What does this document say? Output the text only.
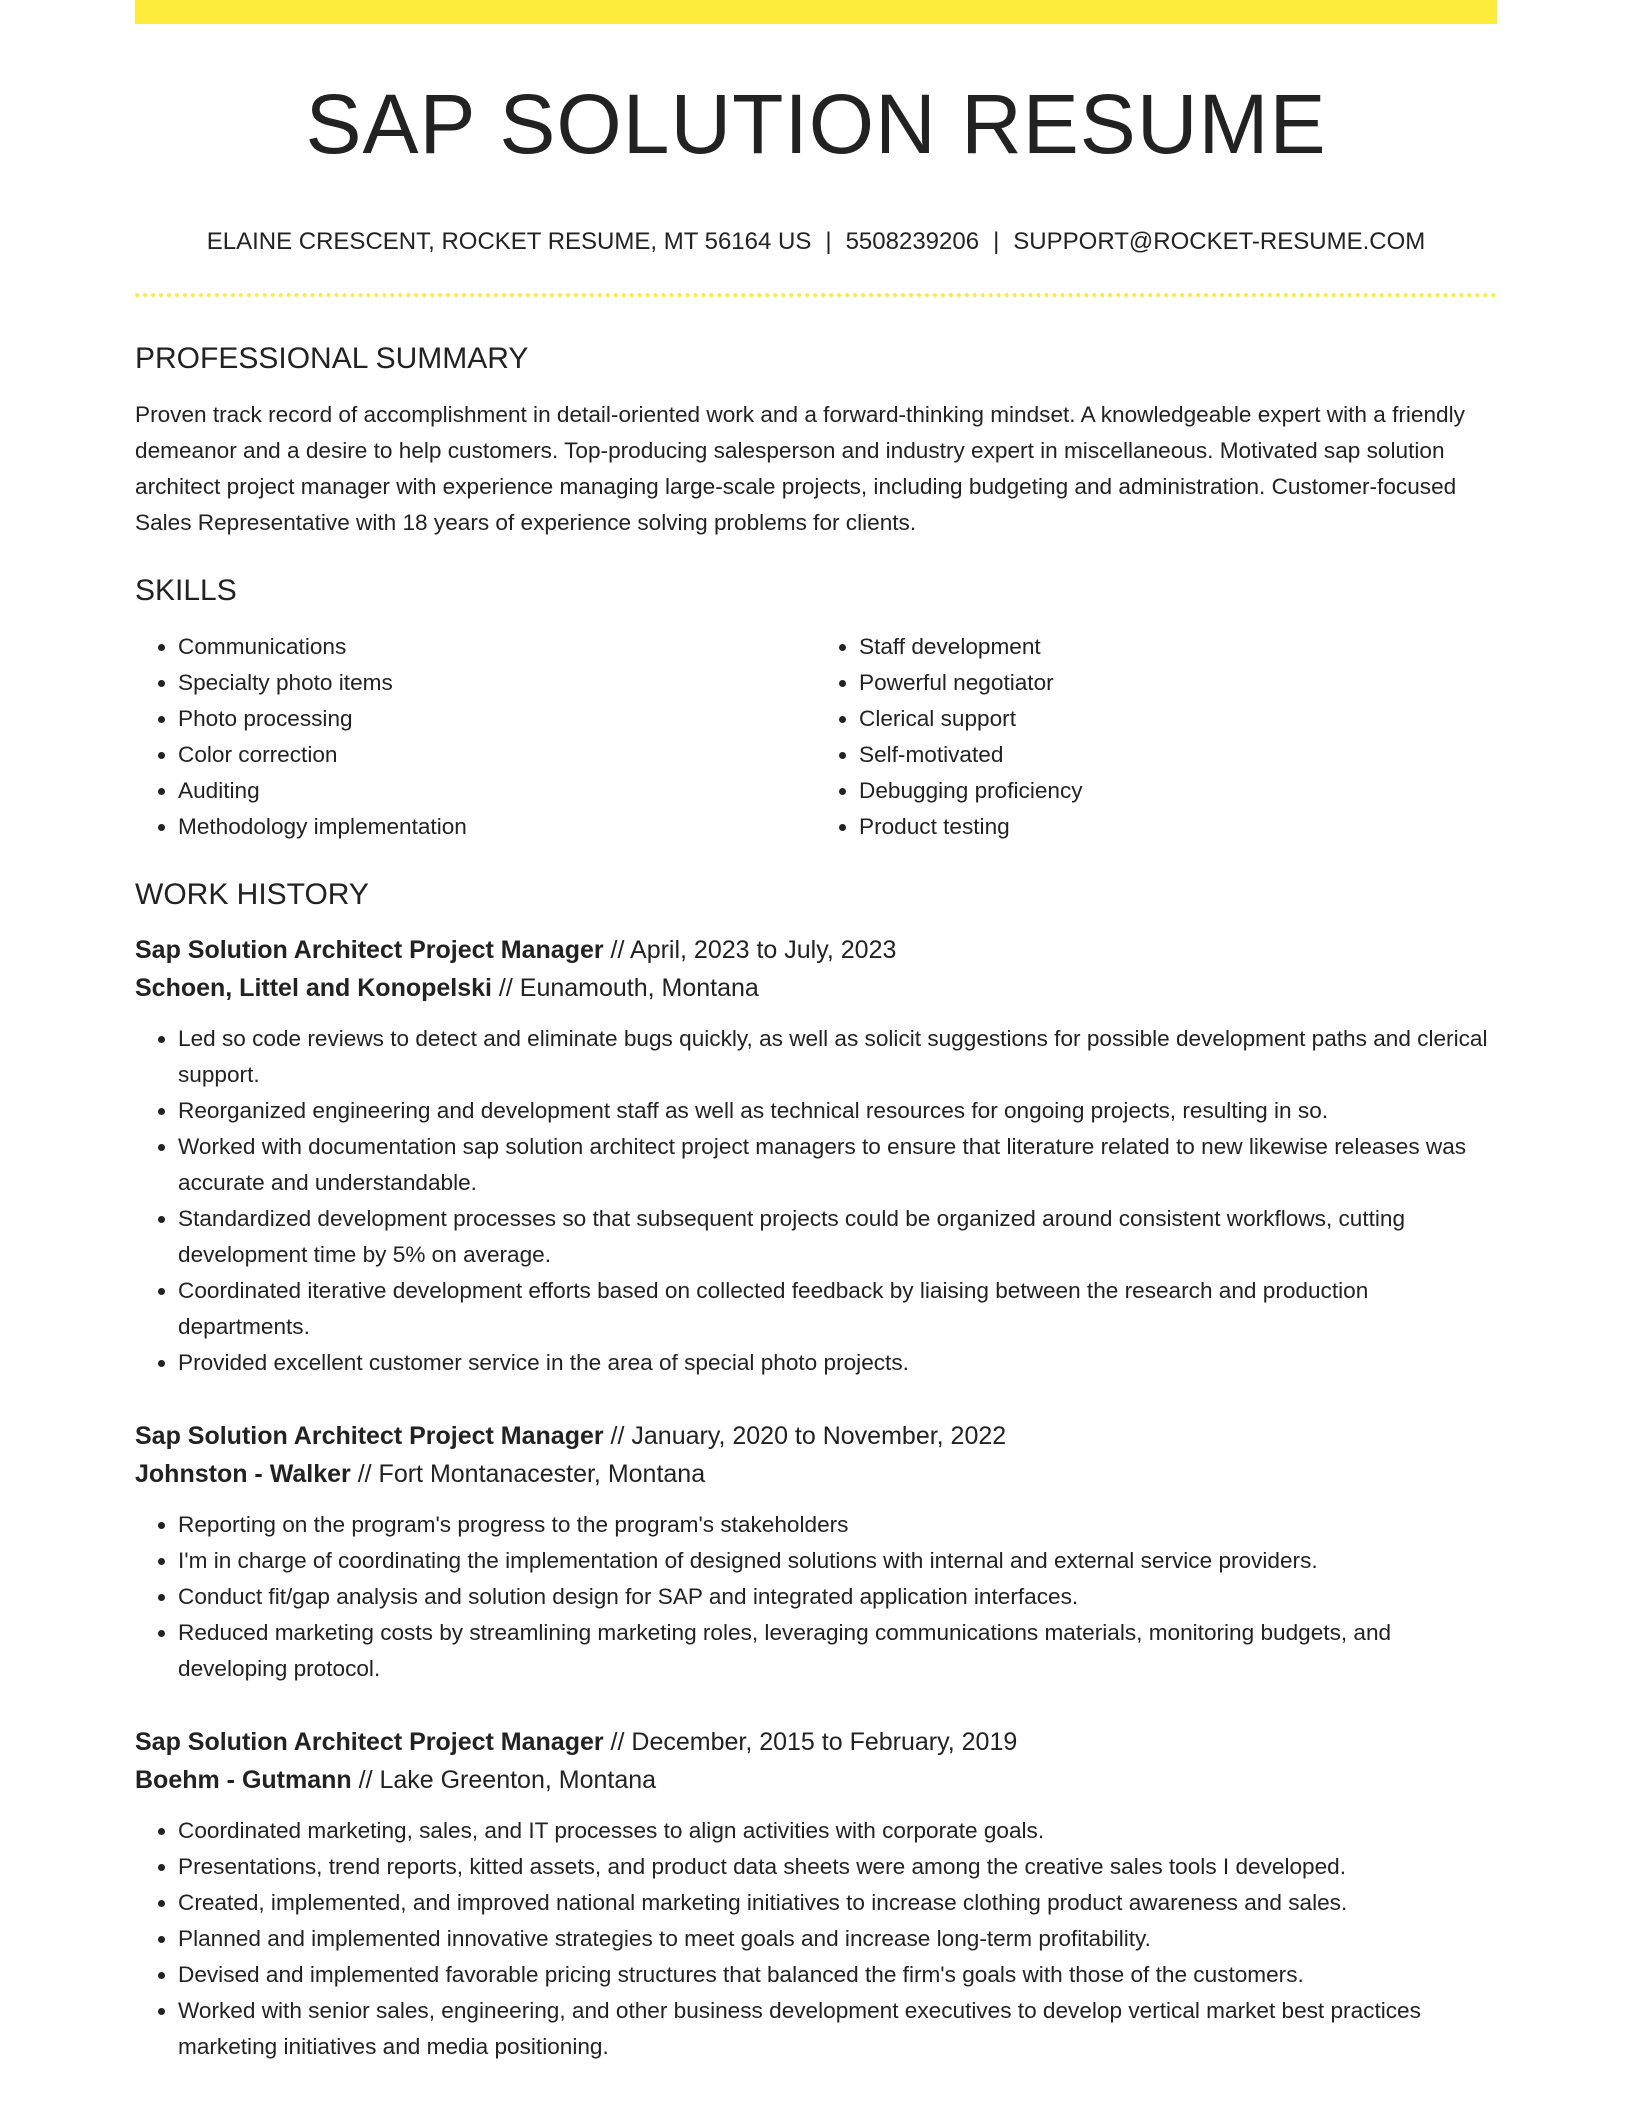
SAP SOLUTION RESUME
ELAINE CRESCENT, ROCKET RESUME, MT 56164 US | 5508239206 | SUPPORT@ROCKET-RESUME.COM
PROFESSIONAL SUMMARY
Proven track record of accomplishment in detail-oriented work and a forward-thinking mindset. A knowledgeable expert with a friendly demeanor and a desire to help customers. Top-producing salesperson and industry expert in miscellaneous. Motivated sap solution architect project manager with experience managing large-scale projects, including budgeting and administration. Customer-focused Sales Representative with 18 years of experience solving problems for clients.
SKILLS
• Communications
• Specialty photo items
• Photo processing
• Color correction
• Auditing
• Methodology implementation
• Staff development
• Powerful negotiator
• Clerical support
• Self-motivated
• Debugging proficiency
• Product testing
WORK HISTORY
Sap Solution Architect Project Manager // April, 2023 to July, 2023
Schoen, Littel and Konopelski // Eunamouth, Montana
• Led so code reviews to detect and eliminate bugs quickly, as well as solicit suggestions for possible development paths and clerical support.
• Reorganized engineering and development staff as well as technical resources for ongoing projects, resulting in so.
• Worked with documentation sap solution architect project managers to ensure that literature related to new likewise releases was accurate and understandable.
• Standardized development processes so that subsequent projects could be organized around consistent workflows, cutting development time by 5% on average.
• Coordinated iterative development efforts based on collected feedback by liaising between the research and production departments.
• Provided excellent customer service in the area of special photo projects.
Sap Solution Architect Project Manager // January, 2020 to November, 2022
Johnston - Walker // Fort Montanacester, Montana
• Reporting on the program's progress to the program's stakeholders
• I'm in charge of coordinating the implementation of designed solutions with internal and external service providers.
• Conduct fit/gap analysis and solution design for SAP and integrated application interfaces.
• Reduced marketing costs by streamlining marketing roles, leveraging communications materials, monitoring budgets, and developing protocol.
Sap Solution Architect Project Manager // December, 2015 to February, 2019
Boehm - Gutmann // Lake Greenton, Montana
• Coordinated marketing, sales, and IT processes to align activities with corporate goals.
• Presentations, trend reports, kitted assets, and product data sheets were among the creative sales tools I developed.
• Created, implemented, and improved national marketing initiatives to increase clothing product awareness and sales.
• Planned and implemented innovative strategies to meet goals and increase long-term profitability.
• Devised and implemented favorable pricing structures that balanced the firm's goals with those of the customers.
• Worked with senior sales, engineering, and other business development executives to develop vertical market best practices marketing initiatives and media positioning.
